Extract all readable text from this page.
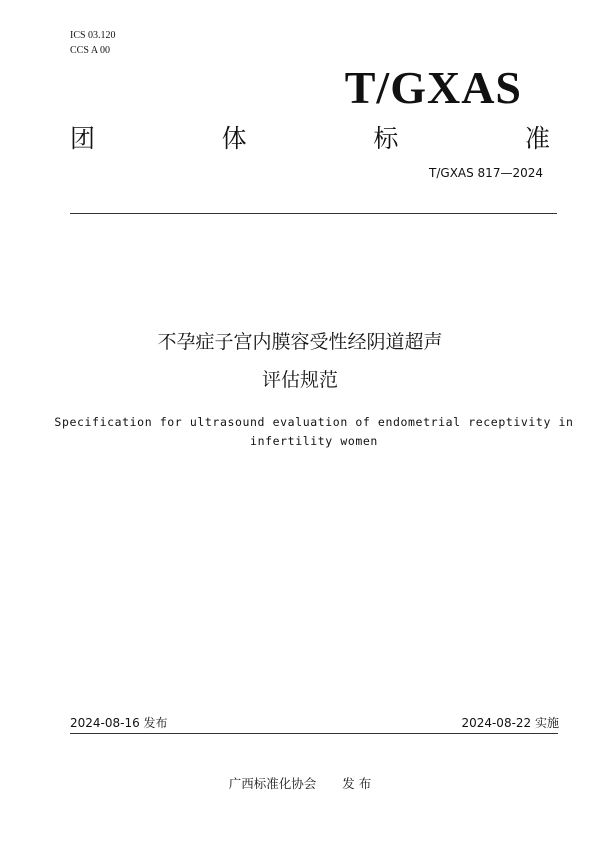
ICS 03.120
CCS A 00
T/GXAS
团	体	标	准
T/GXAS 817—2024
不孕症子宫内膜容受性经阴道超声
评估规范
Specification for ultrasound evaluation of endometrial receptivity in
infertility women
2024-08-16 发布	2024-08-22 实施
广西标准化协会 发 布
